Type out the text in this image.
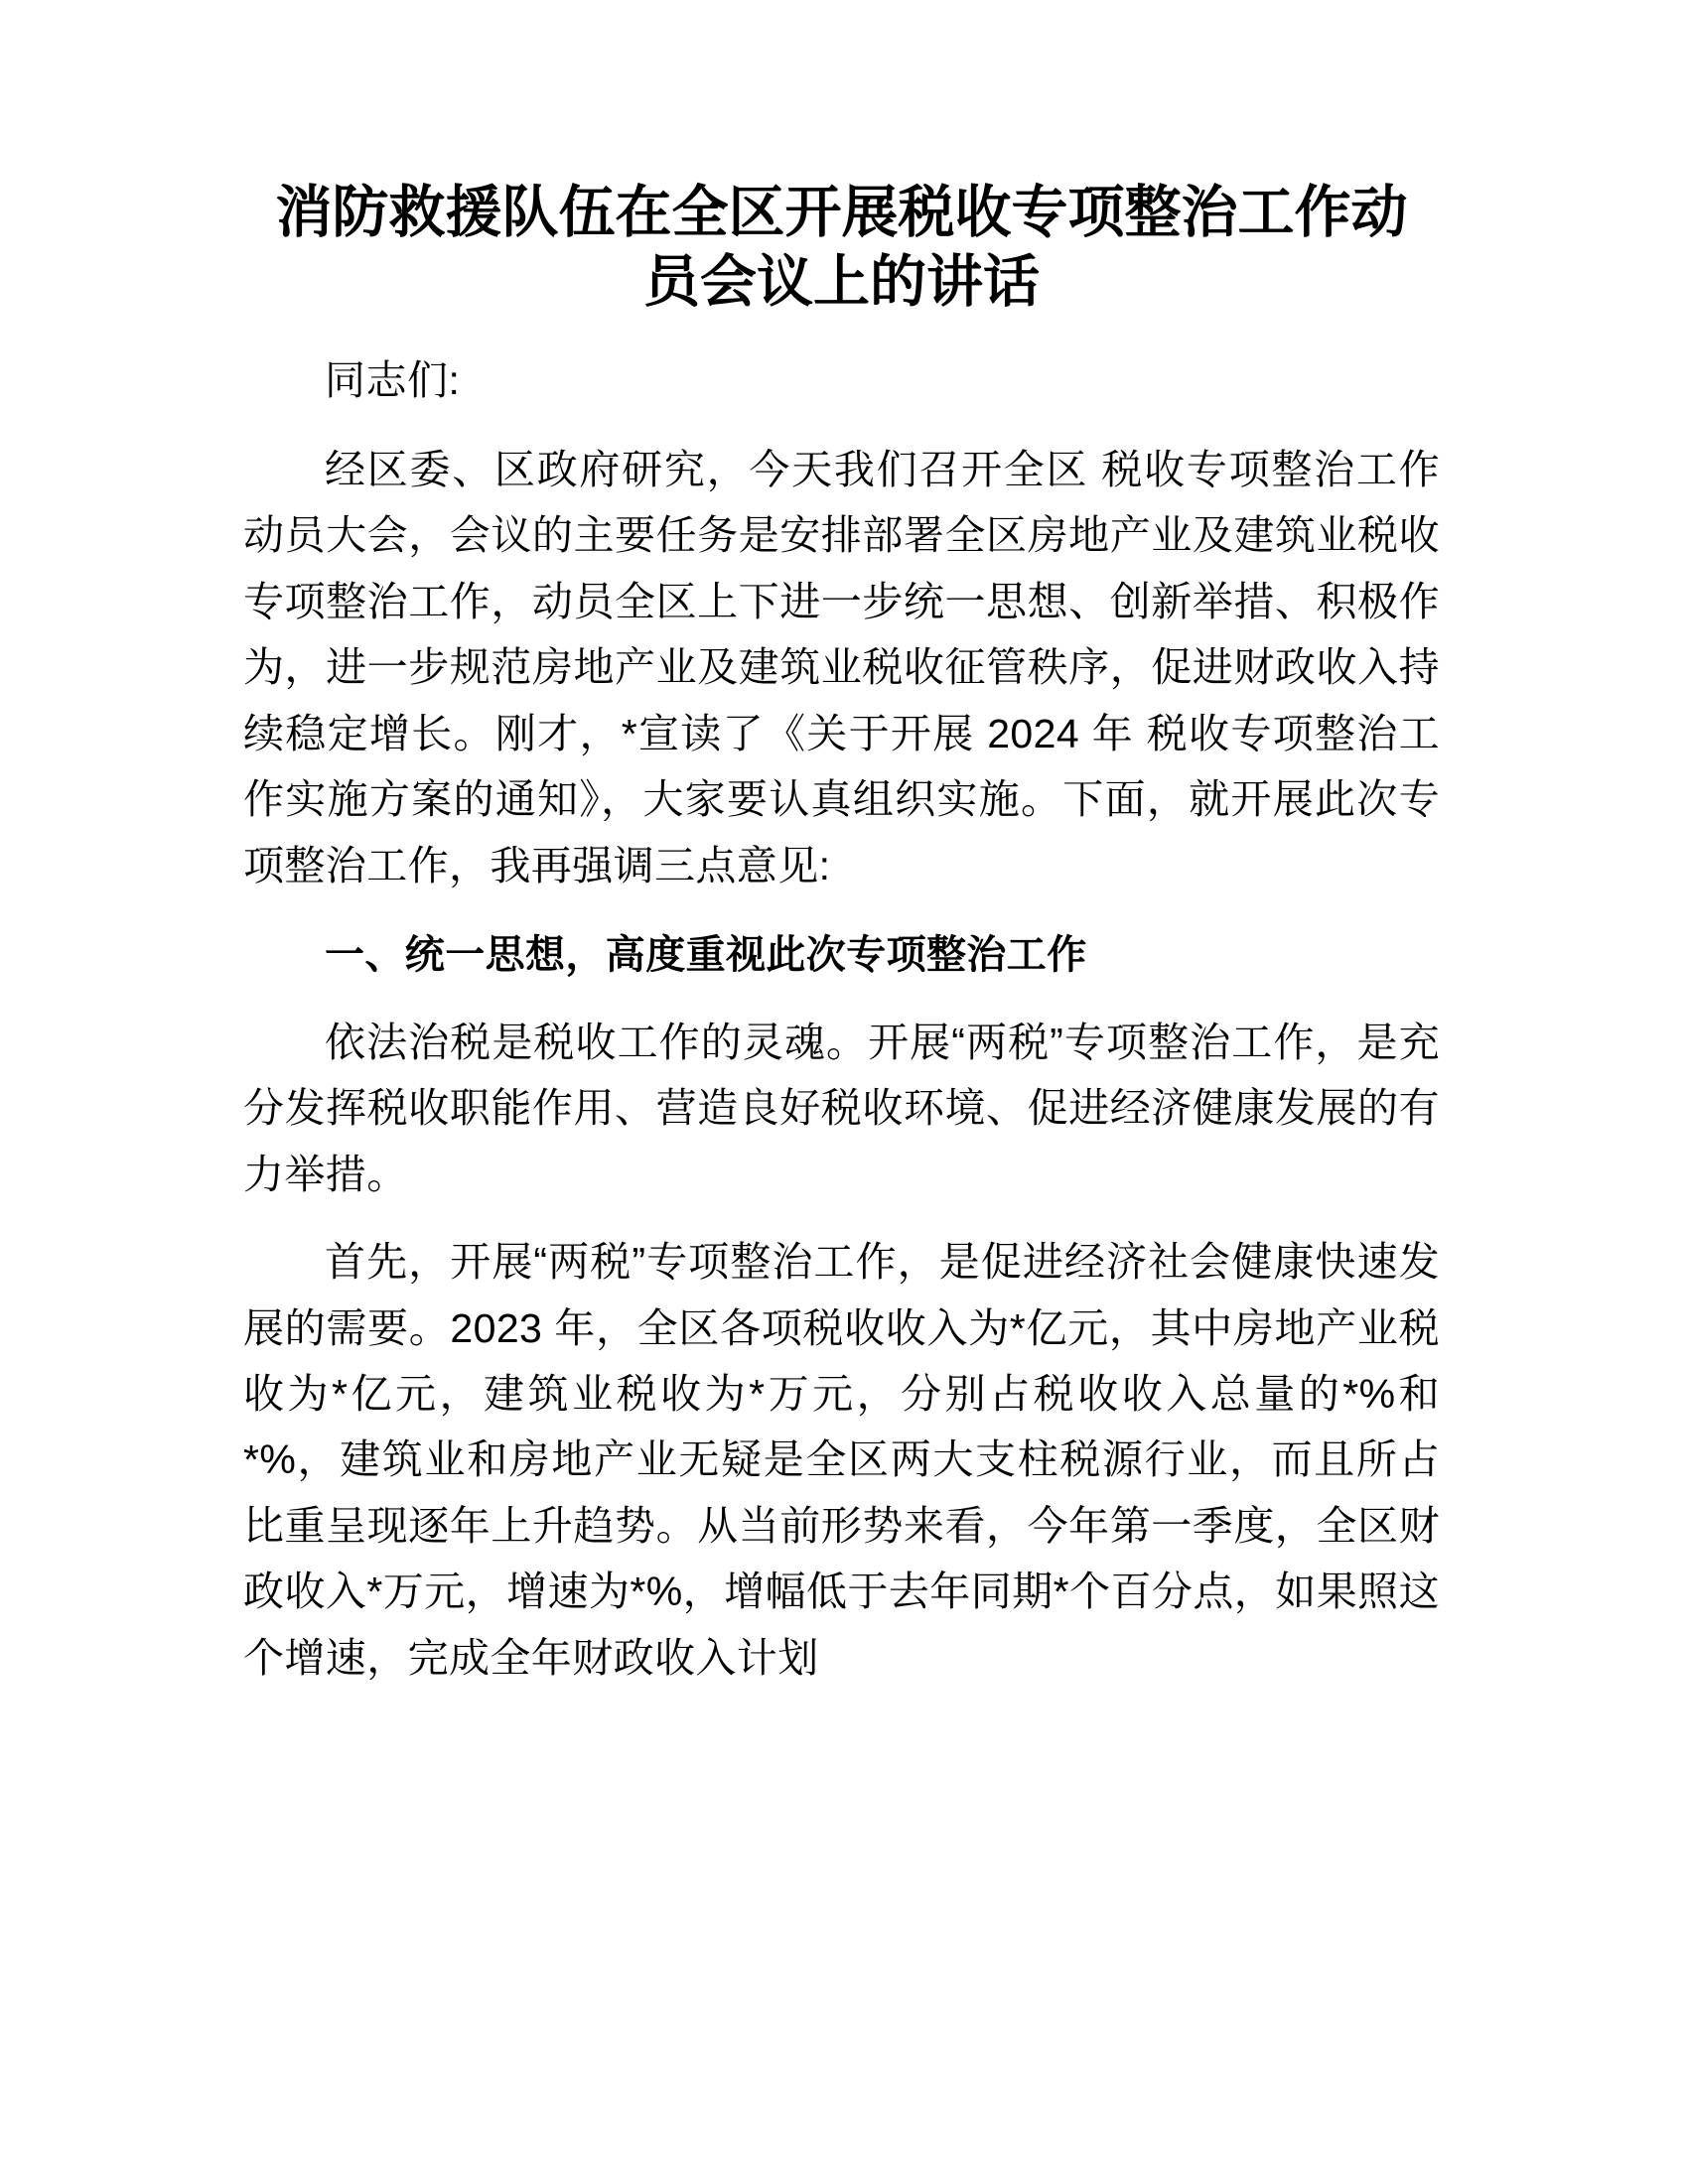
消防救援队伍在全区开展税收专项整治工作动员会议上的讲话

同志们:

经区委、区政府研究，今天我们召开全区 税收专项整治工作动员大会，会议的主要任务是安排部署全区房地产业及建筑业税收专项整治工作，动员全区上下进一步统一思想、创新举措、积极作为，进一步规范房地产业及建筑业税收征管秩序，促进财政收入持续稳定增长。刚才，*宣读了《关于开展 2024 年 税收专项整治工作实施方案的通知》，大家要认真组织实施。下面，就开展此次专项整治工作，我再强调三点意见:

一、统一思想，高度重视此次专项整治工作

依法治税是税收工作的灵魂。开展“两税”专项整治工作，是充分发挥税收职能作用、营造良好税收环境、促进经济健康发展的有力举措。

首先，开展“两税”专项整治工作，是促进经济社会健康快速发展的需要。2023 年，全区各项税收收入为*亿元，其中房地产业税收为*亿元，建筑业税收为*万元，分别占税收收入总量的*%和*%，建筑业和房地产业无疑是全区两大支柱税源行业，而且所占比重呈现逐年上升趋势。从当前形势来看，今年第一季度，全区财政收入*万元，增速为*%，增幅低于去年同期*个百分点，如果照这个增速，完成全年财政收入计划
